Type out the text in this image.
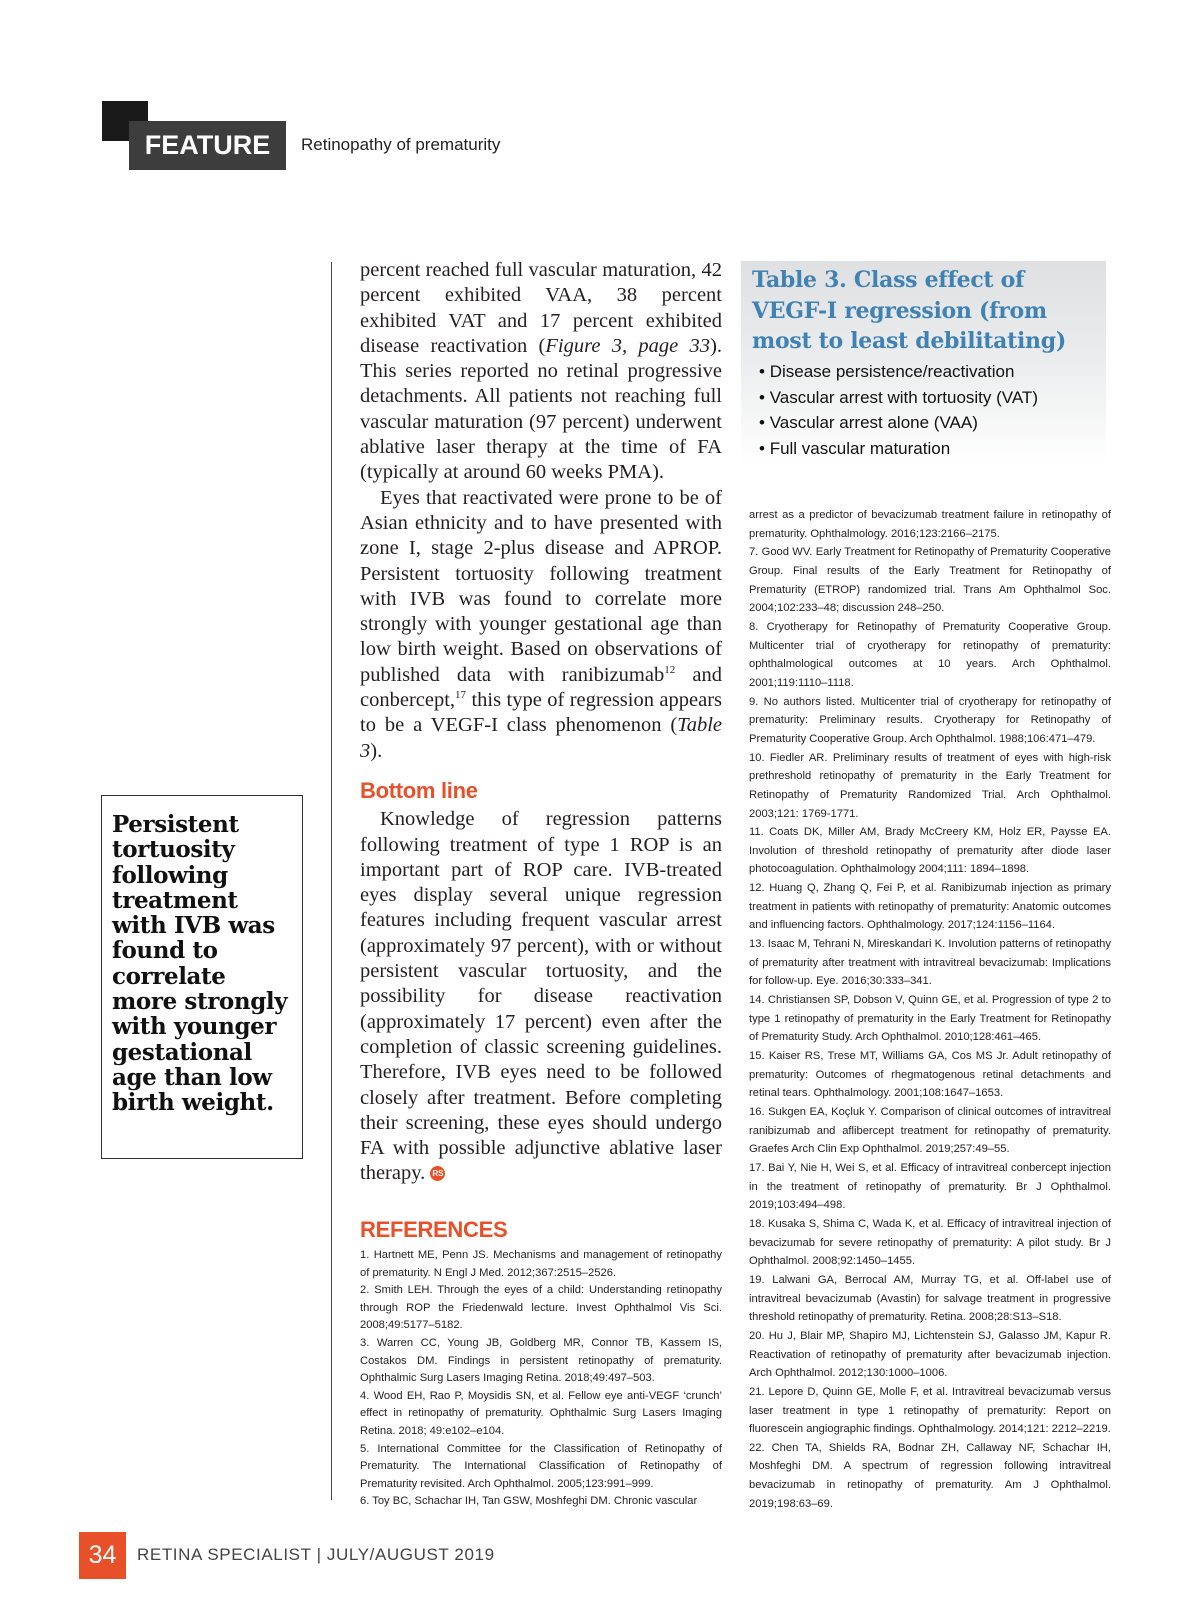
FEATURE	Retinopathy of prematurity
Persistent tortuosity following treatment with IVB was found to correlate more strongly with younger gestational age than low birth weight.

percent reached full vascular maturation, 42 percent exhibited VAA, 38 percent exhibited VAT and 17 percent exhibited disease reactivation (Figure 3, page 33). This series reported no retinal progressive detachments. All patients not reaching full vascular maturation (97 percent) underwent ablative laser therapy at the time of FA (typically at around 60 weeks PMA).

Eyes that reactivated were prone to be of Asian ethnicity and to have presented with zone I, stage 2-plus disease and APROP. Persistent tortuosity following treatment with IVB was found to correlate more strongly with younger gestational age than low birth weight. Based on observations of published data with ranibizumab$^{12}$ and conbercept,$^{17}$ this type of regression appears to be a VEGF-I class phenomenon (Table 3).

Bottom line

Knowledge of regression patterns following treatment of type 1 ROP is an important part of ROP care. IVB-treated eyes display several unique regression features including frequent vascular arrest (approximately 97 percent), with or without persistent vascular tortuosity, and the possibility for disease reactivation (approximately 17 percent) even after the completion of classic screening guidelines. Therefore, IVB eyes need to be followed closely after treatment. Before completing their screening, these eyes should undergo FA with possible adjunctive ablative laser therapy. RS

REFERENCES

1. Hartnett ME, Penn JS. Mechanisms and management of retinopathy of prematurity. N Engl J Med. 2012;367:2515–2526.

2. Smith LEH. Through the eyes of a child: Understanding retinopathy through ROP the Friedenwald lecture. Invest Ophthalmol Vis Sci. 2008;49:5177–5182.

3. Warren CC, Young JB, Goldberg MR, Connor TB, Kassem IS, Costakos DM. Findings in persistent retinopathy of prematurity. Ophthalmic Surg Lasers Imaging Retina. 2018;49:497–503.

4. Wood EH, Rao P, Moysidis SN, et al. Fellow eye anti-VEGF ‘crunch’ effect in retinopathy of prematurity. Ophthalmic Surg Lasers Imaging Retina. 2018; 49:e102–e104.

5. International Committee for the Classification of Retinopathy of Prematurity. The International Classification of Retinopathy of Prematurity revisited. Arch Ophthalmol. 2005;123:991–999.

6. Toy BC, Schachar IH, Tan GSW, Moshfeghi DM. Chronic vascular

Table 3. Class effect of VEGF-I regression (from most to least debilitating)
• Disease persistence/reactivation
• Vascular arrest with tortuosity (VAT)
• Vascular arrest alone (VAA)
• Full vascular maturation

arrest as a predictor of bevacizumab treatment failure in retinopathy of prematurity. Ophthalmology. 2016;123:2166–2175.

7. Good WV. Early Treatment for Retinopathy of Prematurity Cooperative Group. Final results of the Early Treatment for Retinopathy of Prematurity (ETROP) randomized trial. Trans Am Ophthalmol Soc. 2004;102:233–48; discussion 248–250.

8. Cryotherapy for Retinopathy of Prematurity Cooperative Group. Multicenter trial of cryotherapy for retinopathy of prematurity: ophthalmological outcomes at 10 years. Arch Ophthalmol. 2001;119:1110–1118.

9. No authors listed. Multicenter trial of cryotherapy for retinopathy of prematurity: Preliminary results. Cryotherapy for Retinopathy of Prematurity Cooperative Group. Arch Ophthalmol. 1988;106:471–479.

10. Fiedler AR. Preliminary results of treatment of eyes with high-risk prethreshold retinopathy of prematurity in the Early Treatment for Retinopathy of Prematurity Randomized Trial. Arch Ophthalmol. 2003;121: 1769-1771.

11. Coats DK, Miller AM, Brady McCreery KM, Holz ER, Paysse EA. Involution of threshold retinopathy of prematurity after diode laser photocoagulation. Ophthalmology 2004;111: 1894–1898.

12. Huang Q, Zhang Q, Fei P, et al. Ranibizumab injection as primary treatment in patients with retinopathy of prematurity: Anatomic outcomes and influencing factors. Ophthalmology. 2017;124:1156–1164.

13. Isaac M, Tehrani N, Mireskandari K. Involution patterns of retinopathy of prematurity after treatment with intravitreal bevacizumab: Implications for follow-up. Eye. 2016;30:333–341.

14. Christiansen SP, Dobson V, Quinn GE, et al. Progression of type 2 to type 1 retinopathy of prematurity in the Early Treatment for Retinopathy of Prematurity Study. Arch Ophthalmol. 2010;128:461–465.

15. Kaiser RS, Trese MT, Williams GA, Cos MS Jr. Adult retinopathy of prematurity: Outcomes of rhegmatogenous retinal detachments and retinal tears. Ophthalmology. 2001;108:1647–1653.

16. Sukgen EA, Koçluk Y. Comparison of clinical outcomes of intravitreal ranibizumab and aflibercept treatment for retinopathy of prematurity. Graefes Arch Clin Exp Ophthalmol. 2019;257:49–55.

17. Bai Y, Nie H, Wei S, et al. Efficacy of intravitreal conbercept injection in the treatment of retinopathy of prematurity. Br J Ophthalmol. 2019;103:494–498.

18. Kusaka S, Shima C, Wada K, et al. Efficacy of intravitreal injection of bevacizumab for severe retinopathy of prematurity: A pilot study. Br J Ophthalmol. 2008;92:1450–1455.

19. Lalwani GA, Berrocal AM, Murray TG, et al. Off-label use of intravitreal bevacizumab (Avastin) for salvage treatment in progressive threshold retinopathy of prematurity. Retina. 2008;28:S13–S18.

20. Hu J, Blair MP, Shapiro MJ, Lichtenstein SJ, Galasso JM, Kapur R. Reactivation of retinopathy of prematurity after bevacizumab injection. Arch Ophthalmol. 2012;130:1000–1006.

21. Lepore D, Quinn GE, Molle F, et al. Intravitreal bevacizumab versus laser treatment in type 1 retinopathy of prematurity: Report on fluorescein angiographic findings. Ophthalmology. 2014;121: 2212–2219.

22. Chen TA, Shields RA, Bodnar ZH, Callaway NF, Schachar IH, Moshfeghi DM. A spectrum of regression following intravitreal bevacizumab in retinopathy of prematurity. Am J Ophthalmol. 2019;198:63–69.

34	RETINA SPECIALIST | JULY/AUGUST 2019
